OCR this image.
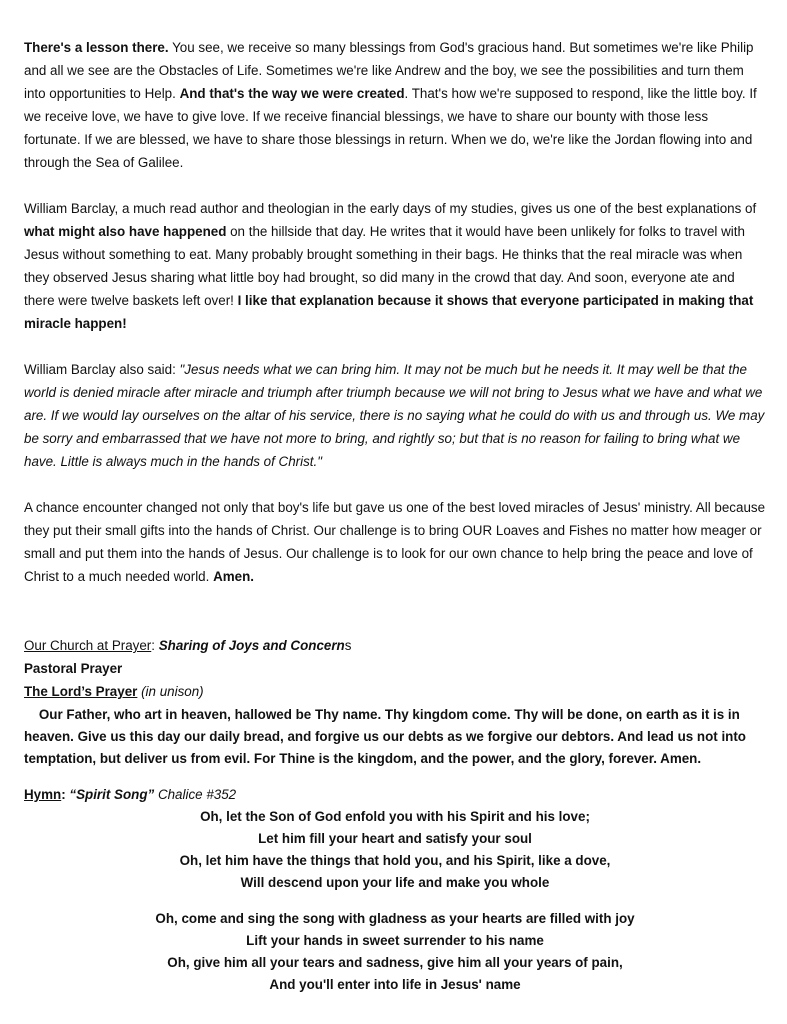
There's a lesson there. You see, we receive so many blessings from God's gracious hand. But sometimes we're like Philip and all we see are the Obstacles of Life. Sometimes we're like Andrew and the boy, we see the possibilities and turn them into opportunities to Help. And that's the way we were created. That's how we're supposed to respond, like the little boy. If we receive love, we have to give love. If we receive financial blessings, we have to share our bounty with those less fortunate. If we are blessed, we have to share those blessings in return. When we do, we're like the Jordan flowing into and through the Sea of Galilee.

William Barclay, a much read author and theologian in the early days of my studies, gives us one of the best explanations of what might also have happened on the hillside that day. He writes that it would have been unlikely for folks to travel with Jesus without something to eat. Many probably brought something in their bags. He thinks that the real miracle was when they observed Jesus sharing what little boy had brought, so did many in the crowd that day. And soon, everyone ate and there were twelve baskets left over! I like that explanation because it shows that everyone participated in making that miracle happen!

William Barclay also said: "Jesus needs what we can bring him. It may not be much but he needs it. It may well be that the world is denied miracle after miracle and triumph after triumph because we will not bring to Jesus what we have and what we are. If we would lay ourselves on the altar of his service, there is no saying what he could do with us and through us. We may be sorry and embarrassed that we have not more to bring, and rightly so; but that is no reason for failing to bring what we have. Little is always much in the hands of Christ."

A chance encounter changed not only that boy's life but gave us one of the best loved miracles of Jesus' ministry. All because they put their small gifts into the hands of Christ. Our challenge is to bring OUR Loaves and Fishes no matter how meager or small and put them into the hands of Jesus. Our challenge is to look for our own chance to help bring the peace and love of Christ to a much needed world. Amen.

Our Church at Prayer: Sharing of Joys and Concerns

Pastoral Prayer

The Lord’s Prayer (in unison)

Our Father, who art in heaven, hallowed be Thy name. Thy kingdom come. Thy will be done, on earth as it is in heaven. Give us this day our daily bread, and forgive us our debts as we forgive our debtors. And lead us not into temptation, but deliver us from evil. For Thine is the kingdom, and the power, and the glory, forever. Amen.

Hymn: “Spirit Song” Chalice #352

Oh, let the Son of God enfold you with his Spirit and his love;
Let him fill your heart and satisfy your soul
Oh, let him have the things that hold you, and his Spirit, like a dove,
Will descend upon your life and make you whole
Oh, come and sing the song with gladness as your hearts are filled with joy
Lift your hands in sweet surrender to his name
Oh, give him all your tears and sadness, give him all your years of pain,
And you'll enter into life in Jesus' name
